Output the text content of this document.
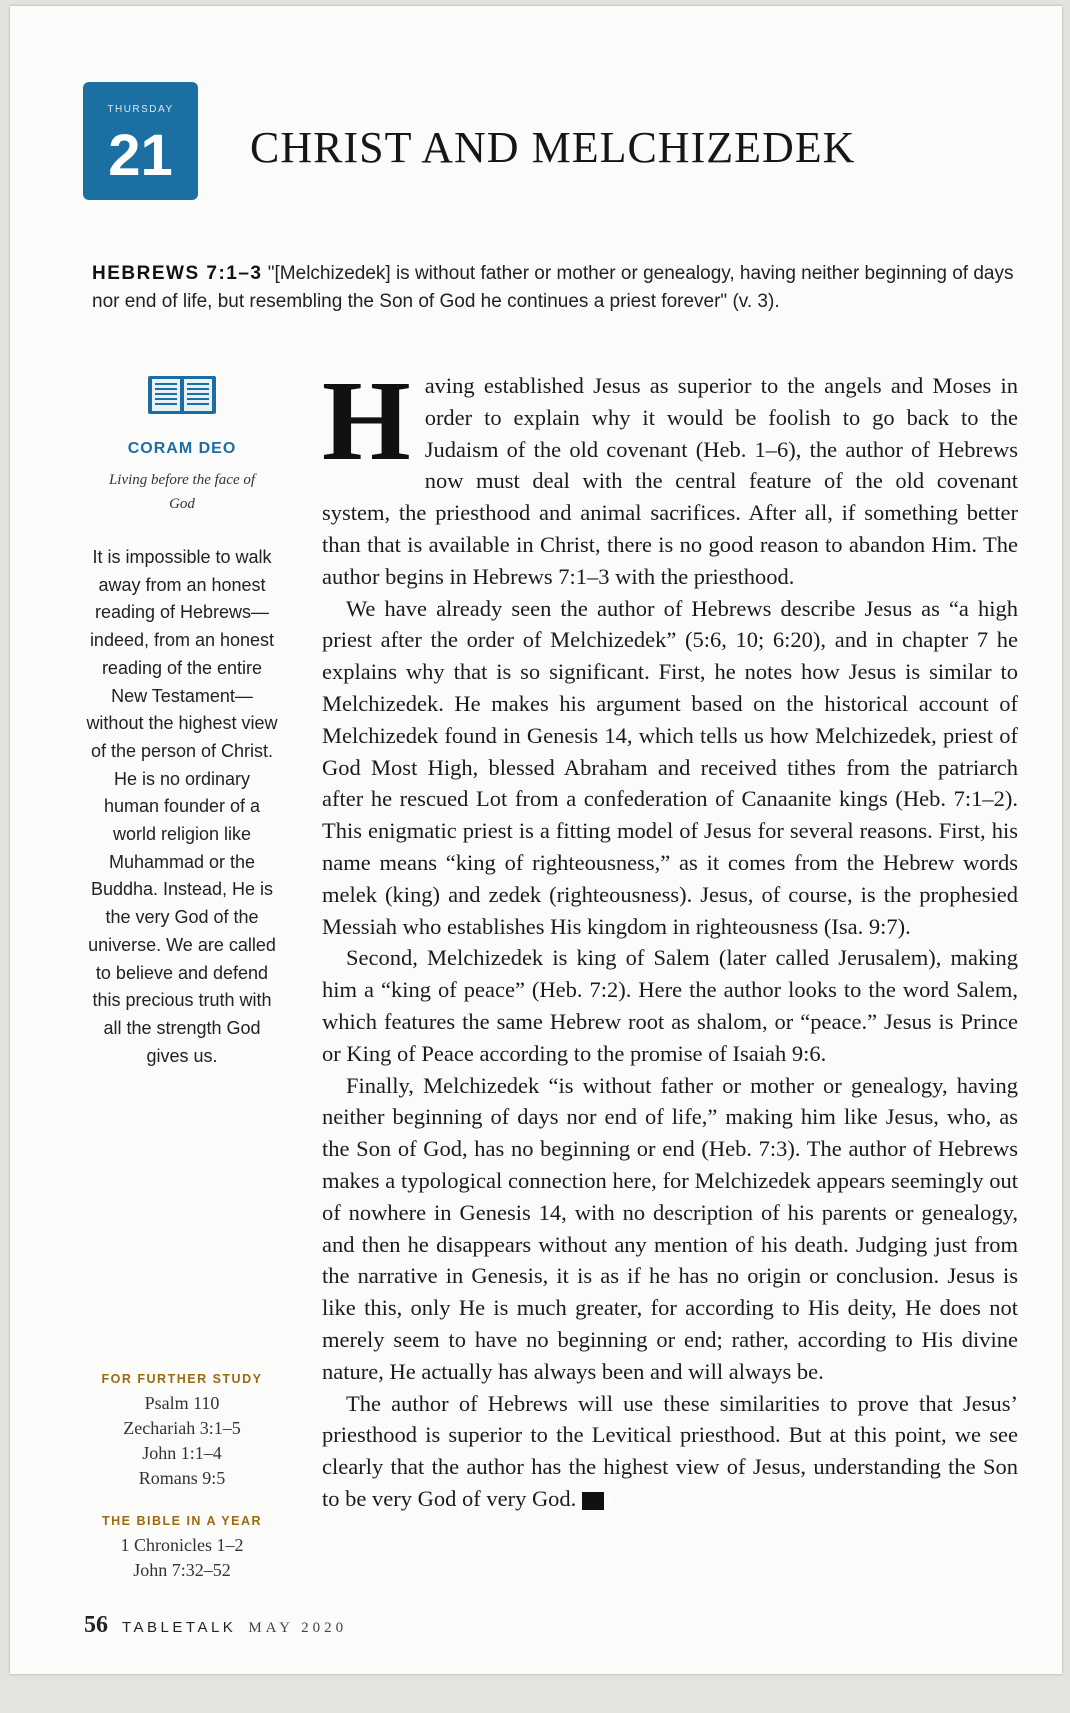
THURSDAY
21	CHRIST AND MELCHIZEDEK
HEBREWS 7:1–3 "[Melchizedek] is without father or mother or genealogy, having neither beginning of days nor end of life, but resembling the Son of God he continues a priest forever" (v. 3).
CORAM DEO
Living before the face of God
It is impossible to walk away from an honest reading of Hebrews—indeed, from an honest reading of the entire New Testament—without the highest view of the person of Christ. He is no ordinary human founder of a world religion like Muhammad or the Buddha. Instead, He is the very God of the universe. We are called to believe and defend this precious truth with all the strength God gives us.
FOR FURTHER STUDY
Psalm 110
Zechariah 3:1–5
John 1:1–4
Romans 9:5
THE BIBLE IN A YEAR
1 Chronicles 1–2
John 7:32–52

Having established Jesus as superior to the angels and Moses in order to explain why it would be foolish to go back to the Judaism of the old covenant (Heb. 1–6), the author of Hebrews now must deal with the central feature of the old covenant system, the priesthood and animal sacrifices. After all, if something better than that is available in Christ, there is no good reason to abandon Him. The author begins in Hebrews 7:1–3 with the priesthood.

We have already seen the author of Hebrews describe Jesus as “a high priest after the order of Melchizedek” (5:6, 10; 6:20), and in chapter 7 he explains why that is so significant. First, he notes how Jesus is similar to Melchizedek. He makes his argument based on the historical account of Melchizedek found in Genesis 14, which tells us how Melchizedek, priest of God Most High, blessed Abraham and received tithes from the patriarch after he rescued Lot from a confederation of Canaanite kings (Heb. 7:1–2). This enigmatic priest is a fitting model of Jesus for several reasons. First, his name means “king of righteousness,” as it comes from the Hebrew words melek (king) and zedek (righteousness). Jesus, of course, is the prophesied Messiah who establishes His kingdom in righteousness (Isa. 9:7).

Second, Melchizedek is king of Salem (later called Jerusalem), making him a “king of peace” (Heb. 7:2). Here the author looks to the word Salem, which features the same Hebrew root as shalom, or “peace.” Jesus is Prince or King of Peace according to the promise of Isaiah 9:6.

Finally, Melchizedek “is without father or mother or genealogy, having neither beginning of days nor end of life,” making him like Jesus, who, as the Son of God, has no beginning or end (Heb. 7:3). The author of Hebrews makes a typological connection here, for Melchizedek appears seemingly out of nowhere in Genesis 14, with no description of his parents or genealogy, and then he disappears without any mention of his death. Judging just from the narrative in Genesis, it is as if he has no origin or conclusion. Jesus is like this, only He is much greater, for according to His deity, He does not merely seem to have no beginning or end; rather, according to His divine nature, He actually has always been and will always be.

The author of Hebrews will use these similarities to prove that Jesus’ priesthood is superior to the Levitical priesthood. But at this point, we see clearly that the author has the highest view of Jesus, understanding the Son to be very God of very God. T

56 TABLETALK MAY 2020
